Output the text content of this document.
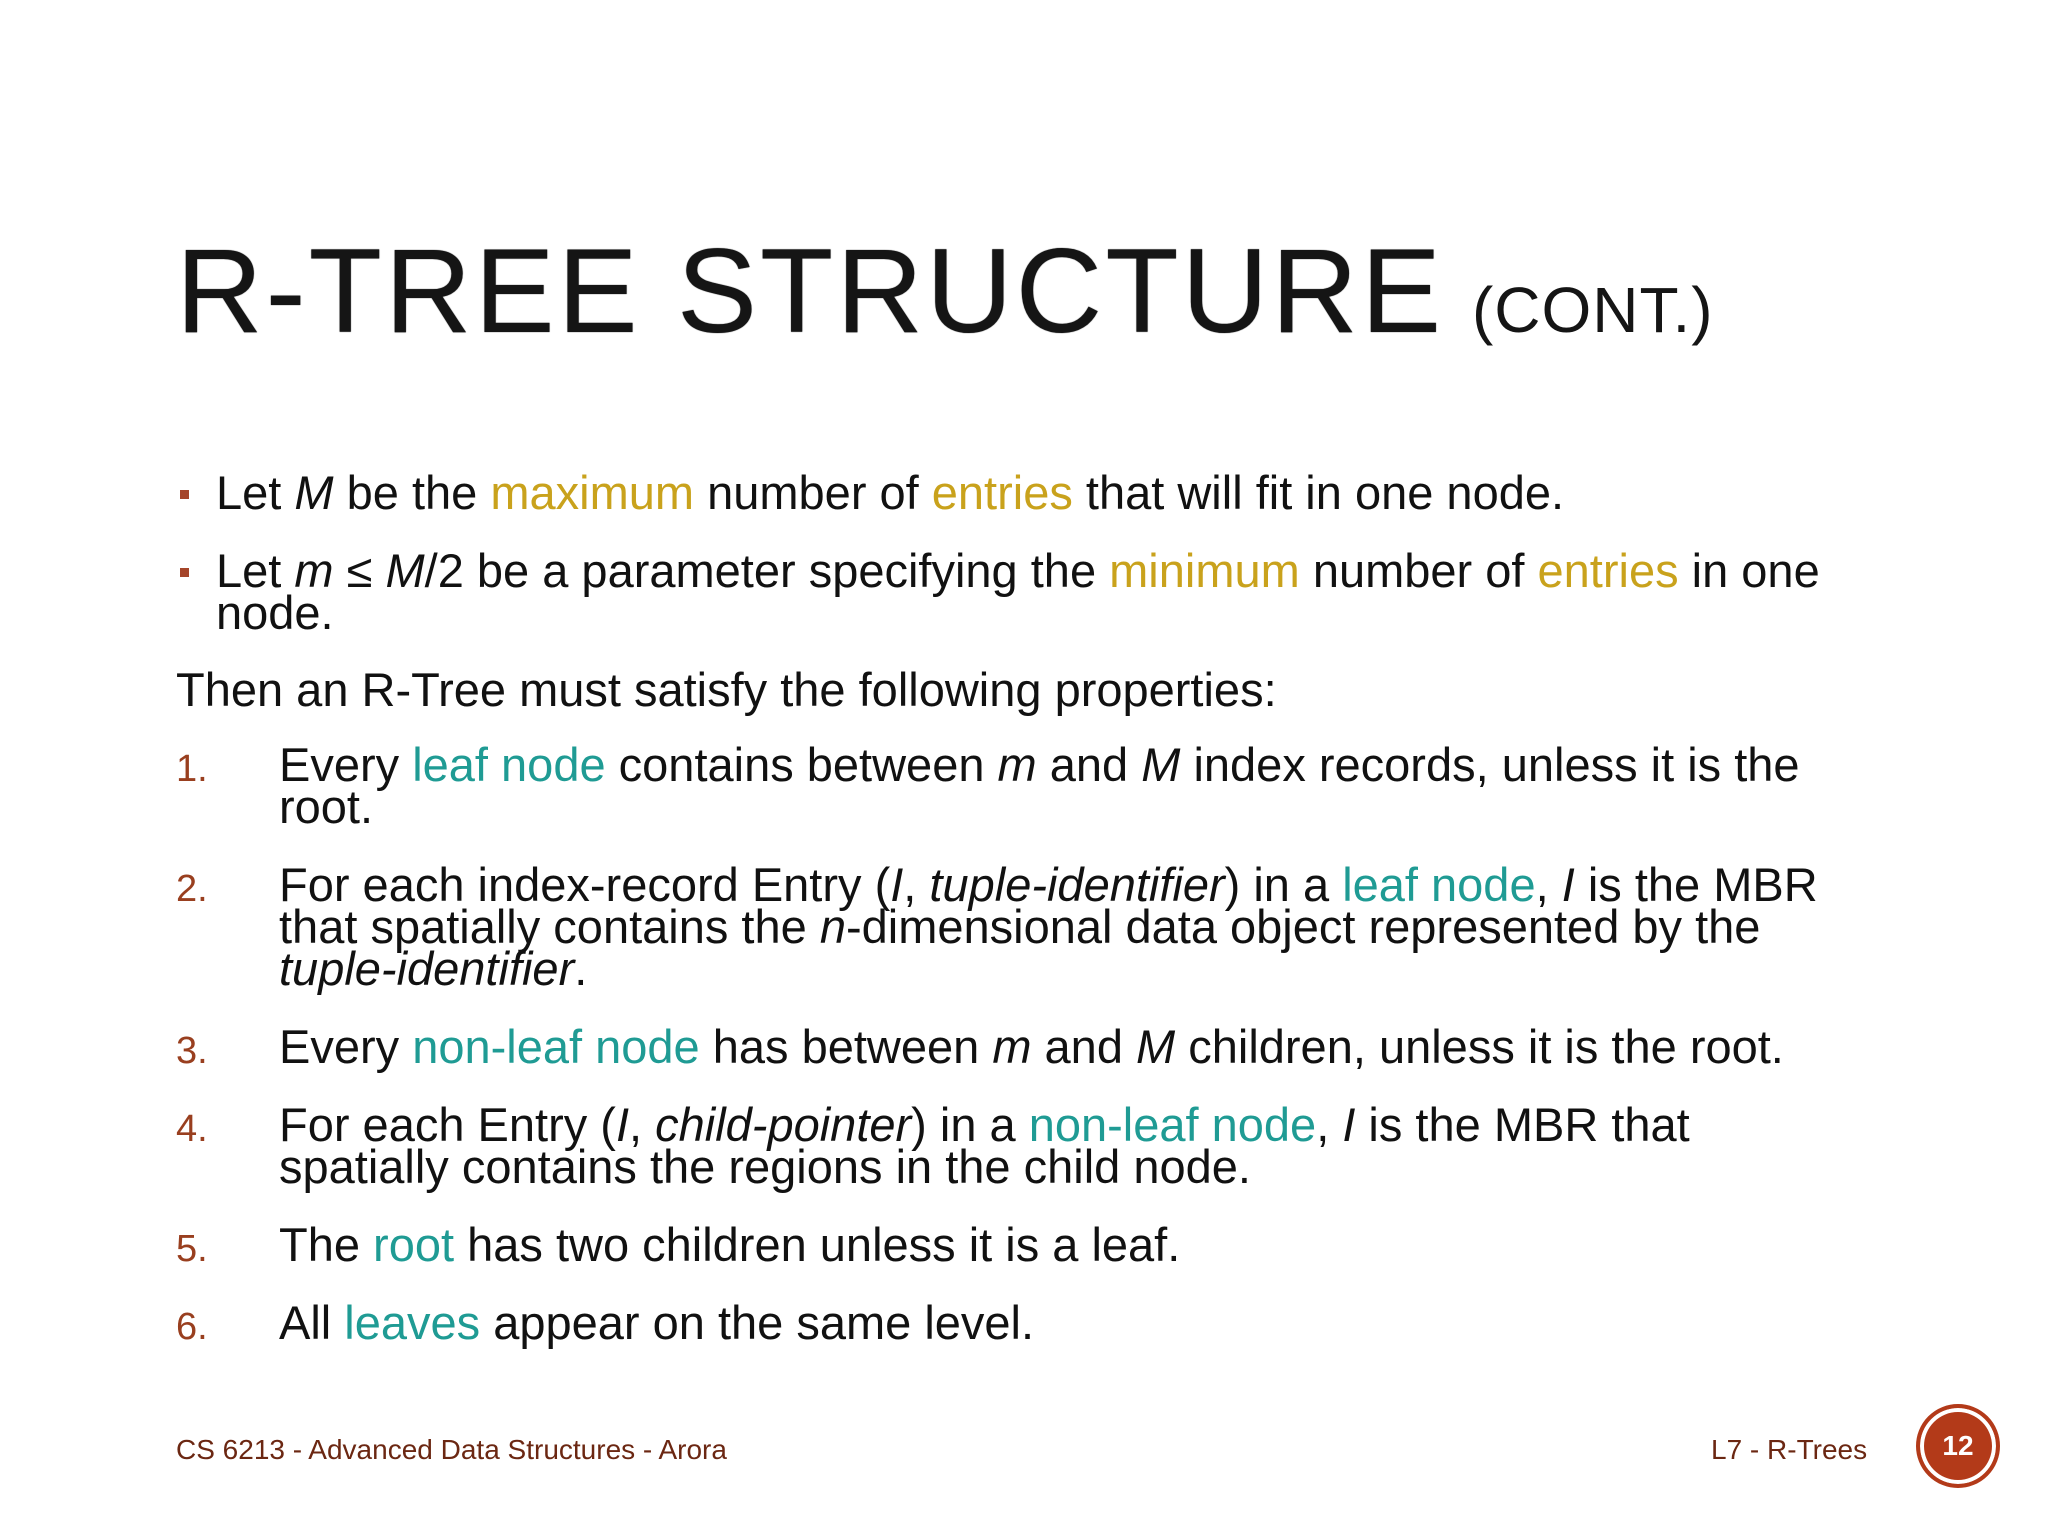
R-TREE STRUCTURE (CONT.)
Let M be the maximum number of entries that will fit in one node.
Let m ≤ M/2 be a parameter specifying the minimum number of entries in one
node.
Then an R-Tree must satisfy the following properties:
1. Every leaf node contains between m and M index records, unless it is the
root.
2. For each index-record Entry (I, tuple-identifier) in a leaf node, I is the MBR
that spatially contains the n-dimensional data object represented by the
tuple-identifier.
3. Every non-leaf node has between m and M children, unless it is the root.
4. For each Entry (I, child-pointer) in a non-leaf node, I is the MBR that
spatially contains the regions in the child node.
5. The root has two children unless it is a leaf.
6. All leaves appear on the same level.
CS 6213 - Advanced Data Structures - Arora	L7 - R-Trees	12
